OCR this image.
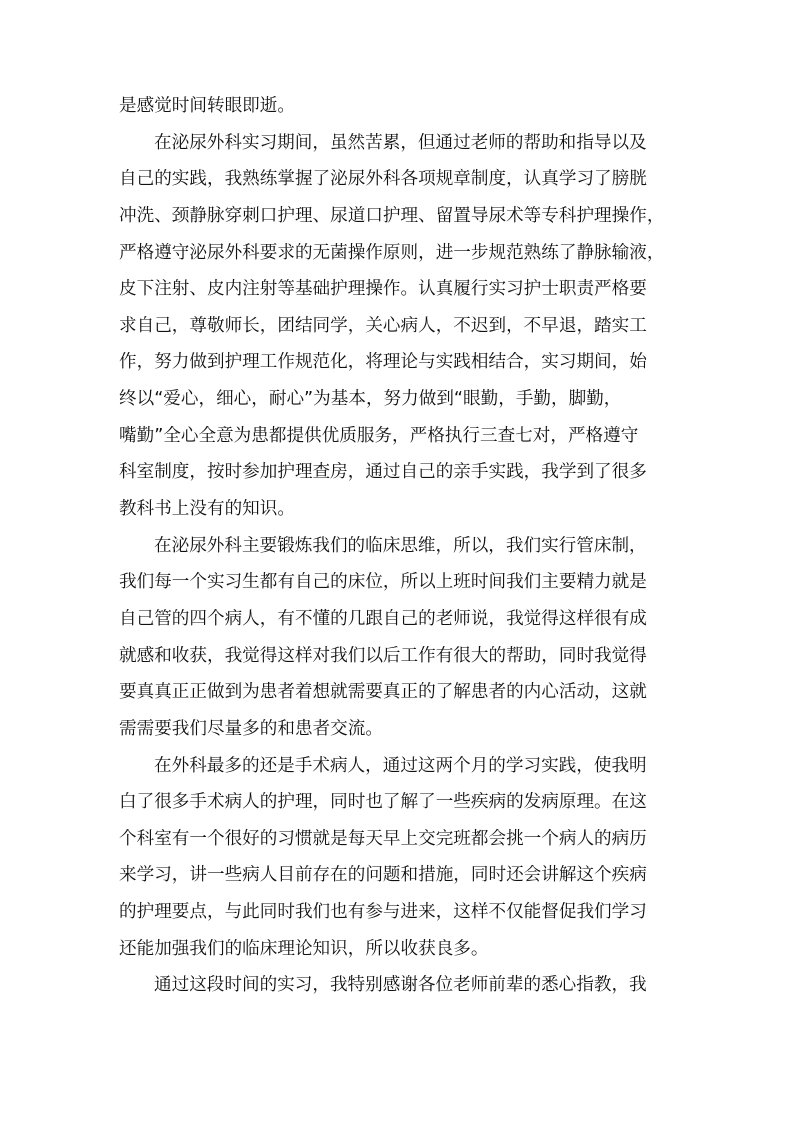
是感觉时间转眼即逝。
在泌尿外科实习期间，虽然苦累，但通过老师的帮助和指导以及
自己的实践，我熟练掌握了泌尿外科各项规章制度，认真学习了膀胱
冲洗、颈静脉穿刺口护理、尿道口护理、留置导尿术等专科护理操作，
严格遵守泌尿外科要求的无菌操作原则，进一步规范熟练了静脉输液，
皮下注射、皮内注射等基础护理操作。认真履行实习护士职责严格要
求自己，尊敬师长，团结同学，关心病人，不迟到，不早退，踏实工
作，努力做到护理工作规范化，将理论与实践相结合，实习期间，始
终以“爱心，细心，耐心”为基本，努力做到“眼勤，手勤，脚勤，
嘴勤”全心全意为患都提供优质服务，严格执行三查七对，严格遵守
科室制度，按时参加护理查房，通过自己的亲手实践，我学到了很多
教科书上没有的知识。
在泌尿外科主要锻炼我们的临床思维，所以，我们实行管床制，
我们每一个实习生都有自己的床位，所以上班时间我们主要精力就是
自己管的四个病人，有不懂的几跟自己的老师说，我觉得这样很有成
就感和收获，我觉得这样对我们以后工作有很大的帮助，同时我觉得
要真真正正做到为患者着想就需要真正的了解患者的内心活动，这就
需需要我们尽量多的和患者交流。
在外科最多的还是手术病人，通过这两个月的学习实践，使我明
白了很多手术病人的护理，同时也了解了一些疾病的发病原理。在这
个科室有一个很好的习惯就是每天早上交完班都会挑一个病人的病历
来学习，讲一些病人目前存在的问题和措施，同时还会讲解这个疾病
的护理要点，与此同时我们也有参与进来，这样不仅能督促我们学习
还能加强我们的临床理论知识，所以收获良多。
通过这段时间的实习，我特别感谢各位老师前辈的悉心指教，我
